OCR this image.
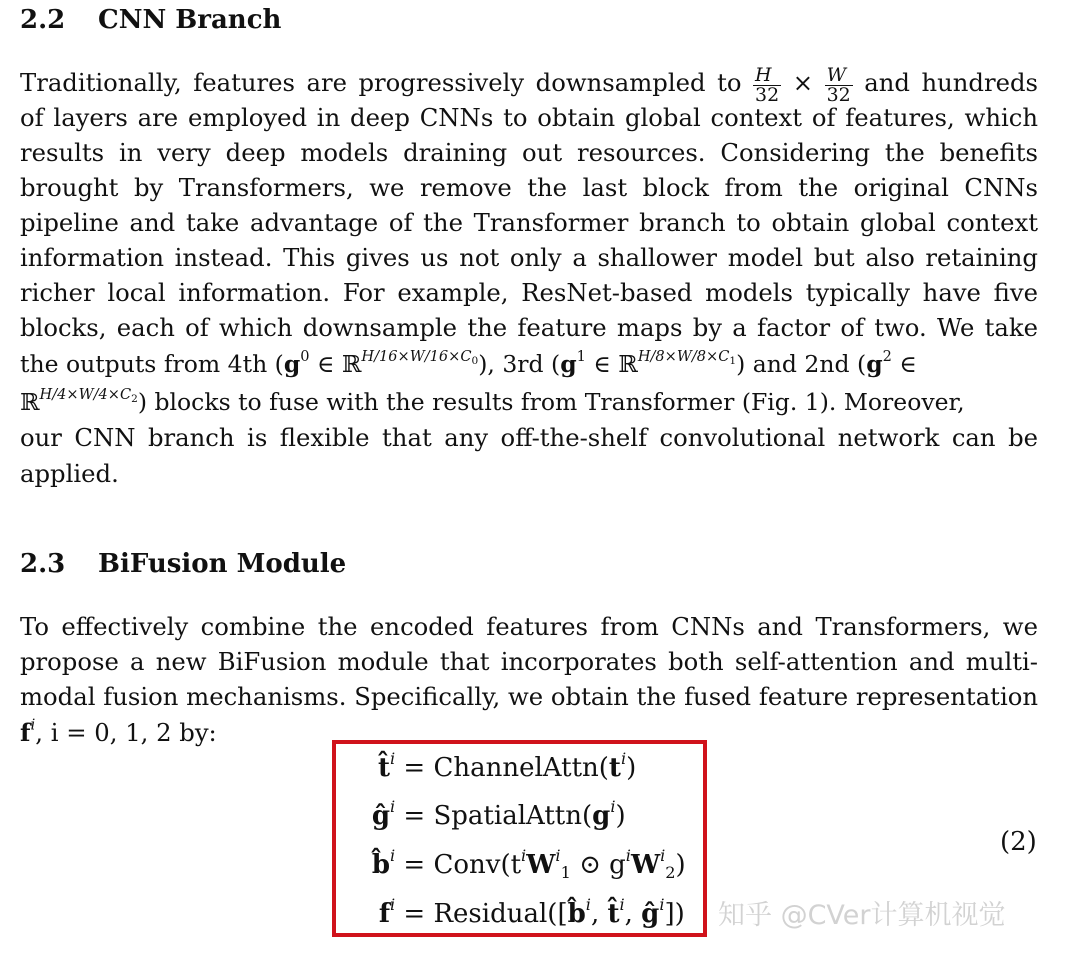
2.2 CNN Branch
Traditionally, features are progressively downsampled to $\frac{H}{32} \times \frac{W}{32}$ and hundreds
of layers are employed in deep CNNs to obtain global context of features, which
results in very deep models draining out resources. Considering the benefits
brought by Transformers, we remove the last block from the original CNNs
pipeline and take advantage of the Transformer branch to obtain global context
information instead. This gives us not only a shallower model but also retaining
richer local information. For example, ResNet-based models typically have five
blocks, each of which downsample the feature maps by a factor of two. We take
the outputs from 4th ($g^0$ ∈ ℝ$^{H/16\times W/16\times C0}$), 3rd ($g^1$ ∈ ℝ$^{H/8\times W/8\times C1}$) and 2nd ($g^2$ ∈
ℝ$^{H/4\times W/4\times C2}$) blocks to fuse with the results from Transformer (Fig. 1). Moreover,
our CNN branch is flexible that any off-the-shelf convolutional network can be
applied.
2.3 BiFusion Module
To effectively combine the encoded features from CNNs and Transformers, we
propose a new BiFusion module that incorporates both self-attention and multi-
modal fusion mechanisms. Specifically, we obtain the fused feature representation
$f^i$, i = 0, 1, 2 by:
t̂$^i$ = $ChannelAttn(t^i)$
$ĝ^i$ = $SpatialAttn(g^i)$
b̂$^i$ = $Conv(t^iW^i_1$ ⊙ $g^iW^i_2$)
$f^i$ = Residual([b̂$^i$, t̂$^i$, $ĝ^i$])
(2)
知乎 @CVer计算机视觉
